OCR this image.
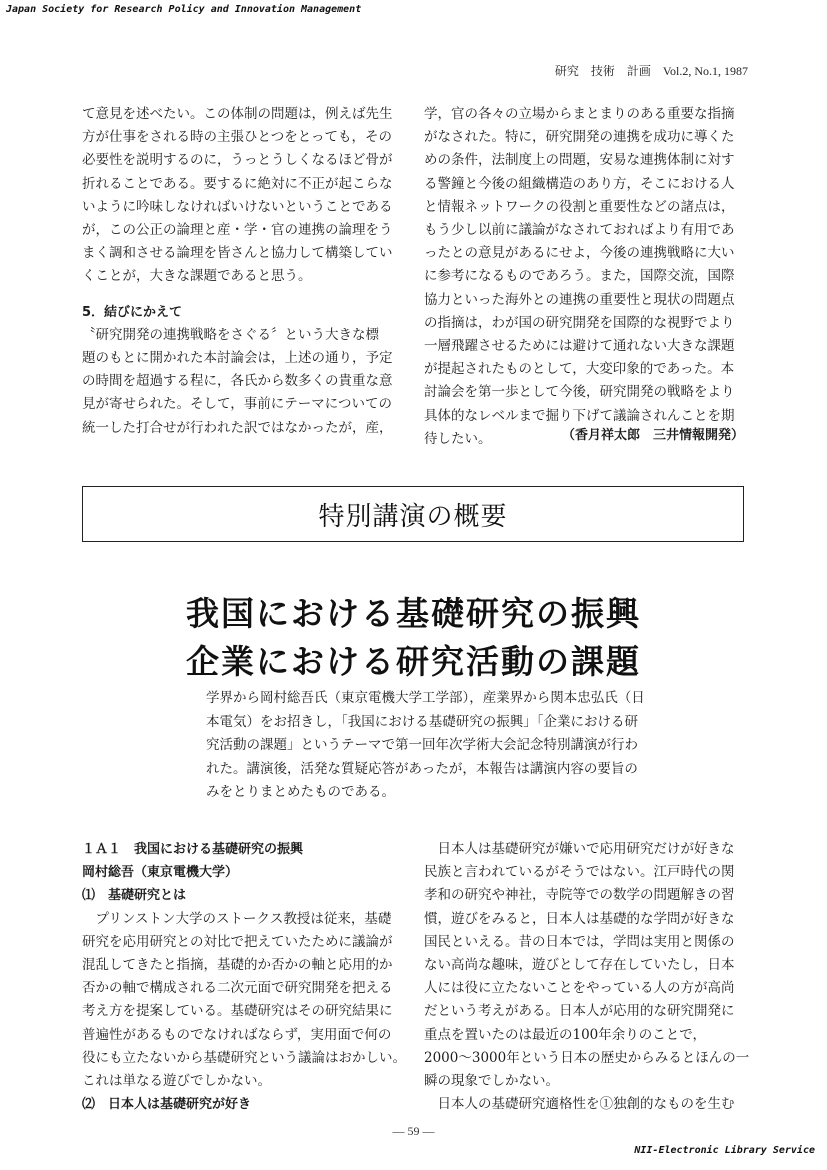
Japan Society for Research Policy and Innovation Management
研究　技術　計画　Vol.2, No.1, 1987

て意見を述べたい。この体制の問題は，例えば先生

方が仕事をされる時の主張ひとつをとっても，その

必要性を説明するのに，うっとうしくなるほど骨が

折れることである。要するに絶対に不正が起こらな

いように吟味しなければいけないということである

が，この公正の論理と産・学・官の連携の論理をう

まく調和させる論理を皆さんと協力して構築してい

くことが，大きな課題であると思う。

5．結びにかえて

〝研究開発の連携戦略をさぐる〞という大きな標

題のもとに開かれた本討論会は，上述の通り，予定

の時間を超過する程に，各氏から数多くの貴重な意

見が寄せられた。そして，事前にテーマについての

統一した打合せが行われた訳ではなかったが，産，

学，官の各々の立場からまとまりのある重要な指摘

がなされた。特に，研究開発の連携を成功に導くた

めの条件，法制度上の問題，安易な連携体制に対す

る警鐘と今後の組織構造のあり方，そこにおける人

と情報ネットワークの役割と重要性などの諸点は，

もう少し以前に議論がなされておればより有用であ

ったとの意見があるにせよ，今後の連携戦略に大い

に参考になるものであろう。また，国際交流，国際

協力といった海外との連携の重要性と現状の問題点

の指摘は，わが国の研究開発を国際的な視野でより

一層飛躍させるためには避けて通れない大きな課題

が提起されたものとして，大変印象的であった。本

討論会を第一歩として今後，研究開発の戦略をより

具体的なレベルまで掘り下げて議論されんことを期

待したい。	（香月祥太郎　三井情報開発）
特別講演の概要
我国における基礎研究の振興
企業における研究活動の課題

学界から岡村総吾氏（東京電機大学工学部），産業界から関本忠弘氏（日

本電気）をお招きし，「我国における基礎研究の振興」「企業における研

究活動の課題」というテーマで第一回年次学術大会記念特別講演が行わ

れた。講演後，活発な質疑応答があったが，本報告は講演内容の要旨の

みをとりまとめたものである。

１Ａ１　我国における基礎研究の振興

岡村総吾（東京電機大学）

⑴　基礎研究とは

　プリンストン大学のストークス教授は従来，基礎

研究を応用研究との対比で把えていたために議論が

混乱してきたと指摘，基礎的か否かの軸と応用的か

否かの軸で構成される二次元面で研究開発を把える

考え方を提案している。基礎研究はその研究結果に

普遍性があるものでなければならず，実用面で何の

役にも立たないから基礎研究という議論はおかしい。

これは単なる遊びでしかない。

⑵　日本人は基礎研究が好き

　日本人は基礎研究が嫌いで応用研究だけが好きな

民族と言われているがそうではない。江戸時代の関

孝和の研究や神社，寺院等での数学の問題解きの習

慣，遊びをみると，日本人は基礎的な学問が好きな

国民といえる。昔の日本では，学問は実用と関係の

ない高尚な趣味，遊びとして存在していたし，日本

人には役に立たないことをやっている人の方が高尚

だという考えがある。日本人が応用的な研究開発に

重点を置いたのは最近の100年余りのことで，

2000～3000年という日本の歴史からみるとほんの一

瞬の現象でしかない。

　日本人の基礎研究適格性を①独創的なものを生む

― 59 ―
NII-Electronic Library Service
